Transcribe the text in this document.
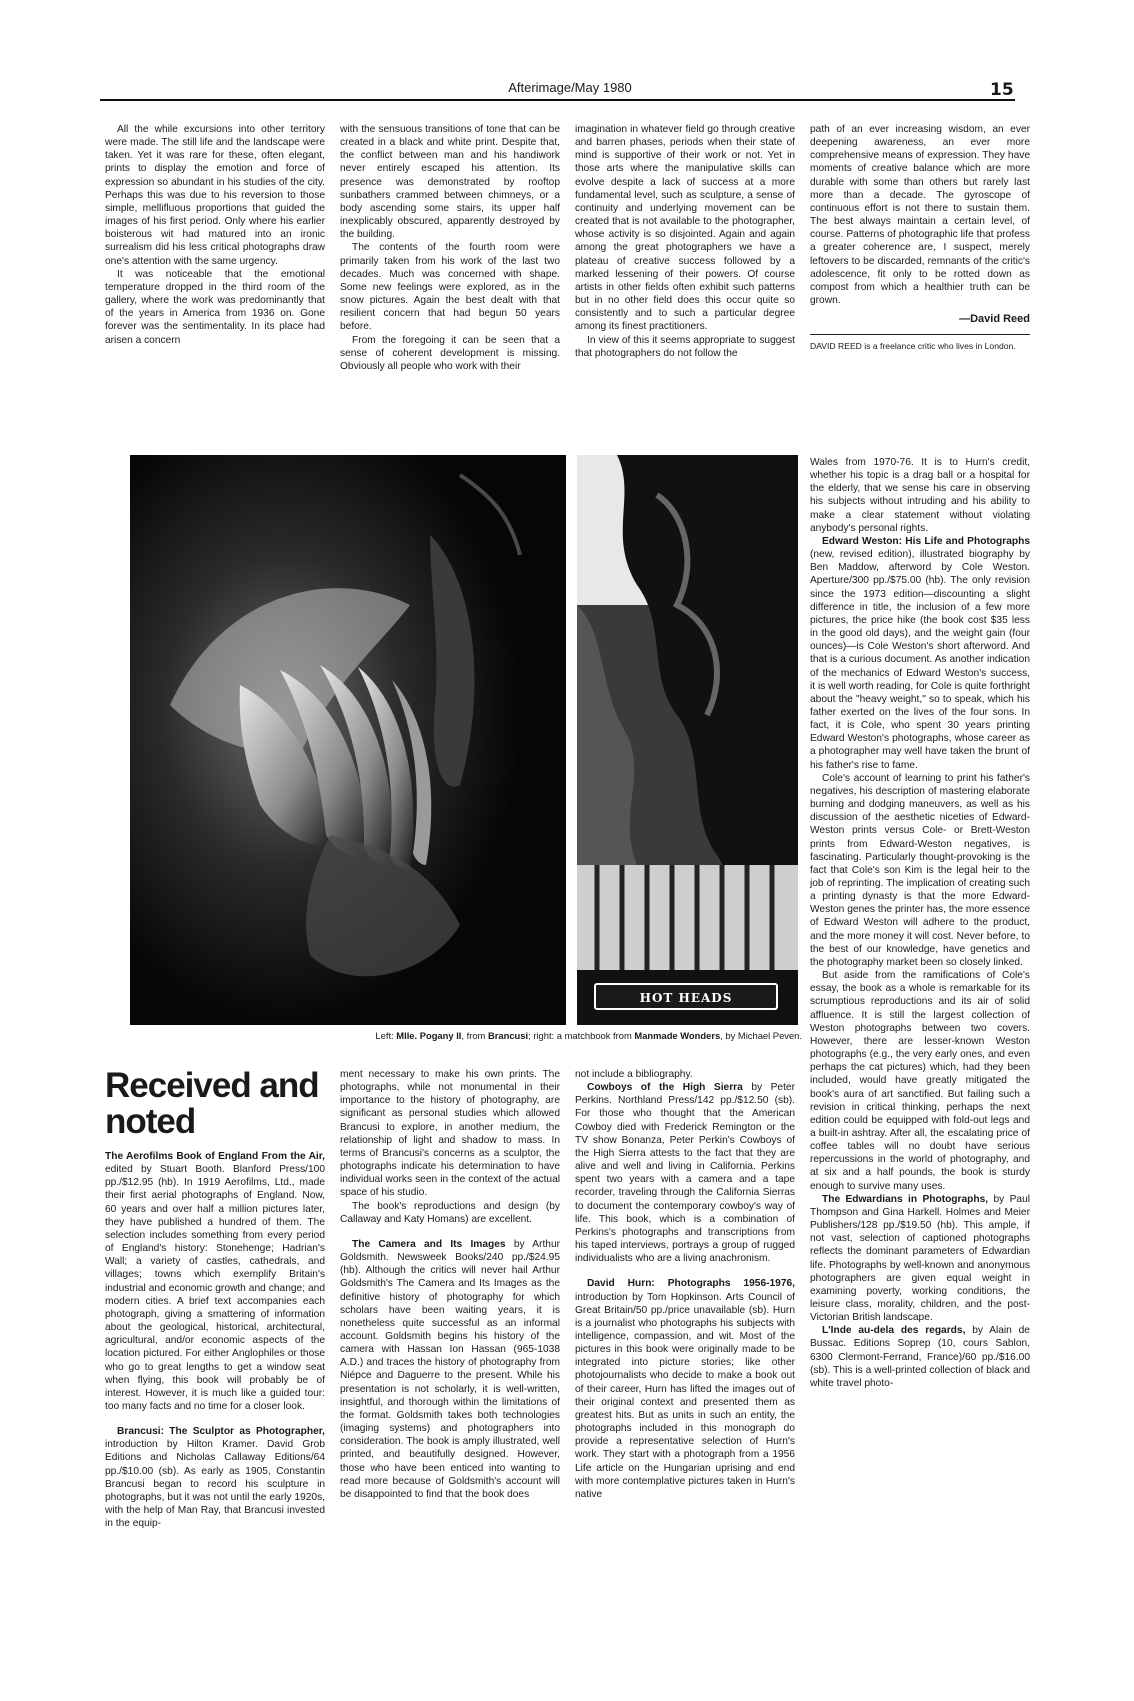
Afterimage/May 1980	15

All the while excursions into other territory were made. The still life and the landscape were taken. Yet it was rare for these, often elegant, prints to display the emotion and force of expression so abundant in his studies of the city. Perhaps this was due to his reversion to those simple, mellifluous proportions that guided the images of his first period. Only where his earlier boisterous wit had matured into an ironic surrealism did his less critical photographs draw one's attention with the same urgency.

It was noticeable that the emotional temperature dropped in the third room of the gallery, where the work was predominantly that of the years in America from 1936 on. Gone forever was the sentimentality. In its place had arisen a concern

with the sensuous transitions of tone that can be created in a black and white print. Despite that, the conflict between man and his handiwork never entirely escaped his attention. Its presence was demonstrated by rooftop sunbathers crammed between chimneys, or a body ascending some stairs, its upper half inexplicably obscured, apparently destroyed by the building.

The contents of the fourth room were primarily taken from his work of the last two decades. Much was concerned with shape. Some new feelings were explored, as in the snow pictures. Again the best dealt with that resilient concern that had begun 50 years before.

From the foregoing it can be seen that a sense of coherent development is missing. Obviously all people who work with their

imagination in whatever field go through creative and barren phases, periods when their state of mind is supportive of their work or not. Yet in those arts where the manipulative skills can evolve despite a lack of success at a more fundamental level, such as sculpture, a sense of continuity and underlying movement can be created that is not available to the photographer, whose activity is so disjointed. Again and again among the great photographers we have a plateau of creative success followed by a marked lessening of their powers. Of course artists in other fields often exhibit such patterns but in no other field does this occur quite so consistently and to such a particular degree among its finest practitioners.

In view of this it seems appropriate to suggest that photographers do not follow the

path of an ever increasing wisdom, an ever deepening awareness, an ever more comprehensive means of expression. They have moments of creative balance which are more durable with some than others but rarely last more than a decade. The gyroscope of continuous effort is not there to sustain them. The best always maintain a certain level, of course. Patterns of photographic life that profess a greater coherence are, I suspect, merely leftovers to be discarded, remnants of the critic's adolescence, fit only to be rotted down as compost from which a healthier truth can be grown.

—David Reed
DAVID REED is a freelance critic who lives in London.
HOT HEADS
Left: Mlle. Pogany II, from Brancusi; right: a matchbook from Manmade Wonders, by Michael Peven.
Received and noted

The Aerofilms Book of England From the Air, edited by Stuart Booth. Blanford Press/100 pp./$12.95 (hb). In 1919 Aerofilms, Ltd., made their first aerial photographs of England. Now, 60 years and over half a million pictures later, they have published a hundred of them. The selection includes something from every period of England's history: Stonehenge; Hadrian's Wall; a variety of castles, cathedrals, and villages; towns which exemplify Britain's industrial and economic growth and change; and modern cities. A brief text accompanies each photograph, giving a smattering of information about the geological, historical, architectural, agricultural, and/or economic aspects of the location pictured. For either Anglophiles or those who go to great lengths to get a window seat when flying, this book will probably be of interest. However, it is much like a guided tour: too many facts and no time for a closer look.

Brancusi: The Sculptor as Photographer, introduction by Hilton Kramer. David Grob Editions and Nicholas Callaway Editions/64 pp./$10.00 (sb). As early as 1905, Constantin Brancusi began to record his sculpture in photographs, but it was not until the early 1920s, with the help of Man Ray, that Brancusi invested in the equip-

ment necessary to make his own prints. The photographs, while not monumental in their importance to the history of photography, are significant as personal studies which allowed Brancusi to explore, in another medium, the relationship of light and shadow to mass. In terms of Brancusi's concerns as a sculptor, the photographs indicate his determination to have individual works seen in the context of the actual space of his studio.

The book's reproductions and design (by Callaway and Katy Homans) are excellent.

The Camera and Its Images by Arthur Goldsmith. Newsweek Books/240 pp./$24.95 (hb). Although the critics will never hail Arthur Goldsmith's The Camera and Its Images as the definitive history of photography for which scholars have been waiting years, it is nonetheless quite successful as an informal account. Goldsmith begins his history of the camera with Hassan Ion Hassan (965-1038 A.D.) and traces the history of photography from Niépce and Daguerre to the present. While his presentation is not scholarly, it is well-written, insightful, and thorough within the limitations of the format. Goldsmith takes both technologies (imaging systems) and photographers into consideration. The book is amply illustrated, well printed, and beautifully designed. However, those who have been enticed into wanting to read more because of Goldsmith's account will be disappointed to find that the book does

not include a bibliography.

Cowboys of the High Sierra by Peter Perkins. Northland Press/142 pp./$12.50 (sb). For those who thought that the American Cowboy died with Frederick Remington or the TV show Bonanza, Peter Perkin's Cowboys of the High Sierra attests to the fact that they are alive and well and living in California. Perkins spent two years with a camera and a tape recorder, traveling through the California Sierras to document the contemporary cowboy's way of life. This book, which is a combination of Perkins's photographs and transcriptions from his taped interviews, portrays a group of rugged individualists who are a living anachronism.

David Hurn: Photographs 1956-1976, introduction by Tom Hopkinson. Arts Council of Great Britain/50 pp./price unavailable (sb). Hurn is a journalist who photographs his subjects with intelligence, compassion, and wit. Most of the pictures in this book were originally made to be integrated into picture stories; like other photojournalists who decide to make a book out of their career, Hurn has lifted the images out of their original context and presented them as greatest hits. But as units in such an entity, the photographs included in this monograph do provide a representative selection of Hurn's work. They start with a photograph from a 1956 Life article on the Hungarian uprising and end with more contemplative pictures taken in Hurn's native

Wales from 1970-76. It is to Hurn's credit, whether his topic is a drag ball or a hospital for the elderly, that we sense his care in observing his subjects without intruding and his ability to make a clear statement without violating anybody's personal rights.

Edward Weston: His Life and Photographs (new, revised edition), illustrated biography by Ben Maddow, afterword by Cole Weston. Aperture/300 pp./$75.00 (hb). The only revision since the 1973 edition—discounting a slight difference in title, the inclusion of a few more pictures, the price hike (the book cost $35 less in the good old days), and the weight gain (four ounces)—is Cole Weston's short afterword. And that is a curious document. As another indication of the mechanics of Edward Weston's success, it is well worth reading, for Cole is quite forthright about the "heavy weight," so to speak, which his father exerted on the lives of the four sons. In fact, it is Cole, who spent 30 years printing Edward Weston's photographs, whose career as a photographer may well have taken the brunt of his father's rise to fame.

Cole's account of learning to print his father's negatives, his description of mastering elaborate burning and dodging maneuvers, as well as his discussion of the aesthetic niceties of Edward-Weston prints versus Cole- or Brett-Weston prints from Edward-Weston negatives, is fascinating. Particularly thought-provoking is the fact that Cole's son Kim is the legal heir to the job of reprinting. The implication of creating such a printing dynasty is that the more Edward-Weston genes the printer has, the more essence of Edward Weston will adhere to the product, and the more money it will cost. Never before, to the best of our knowledge, have genetics and the photography market been so closely linked.

But aside from the ramifications of Cole's essay, the book as a whole is remarkable for its scrumptious reproductions and its air of solid affluence. It is still the largest collection of Weston photographs between two covers. However, there are lesser-known Weston photographs (e.g., the very early ones, and even perhaps the cat pictures) which, had they been included, would have greatly mitigated the book's aura of art sanctified. But failing such a revision in critical thinking, perhaps the next edition could be equipped with fold-out legs and a built-in ashtray. After all, the escalating price of coffee tables will no doubt have serious repercussions in the world of photography, and at six and a half pounds, the book is sturdy enough to survive many uses.

The Edwardians in Photographs, by Paul Thompson and Gina Harkell. Holmes and Meier Publishers/128 pp./$19.50 (hb). This ample, if not vast, selection of captioned photographs reflects the dominant parameters of Edwardian life. Photographs by well-known and anonymous photographers are given equal weight in examining poverty, working conditions, the leisure class, morality, children, and the post-Victorian British landscape.

L'Inde au-dela des regards, by Alain de Bussac. Editions Soprep (10, cours Sablon, 6300 Clermont-Ferrand, France)/60 pp./$16.00 (sb). This is a well-printed collection of black and white travel photo-
